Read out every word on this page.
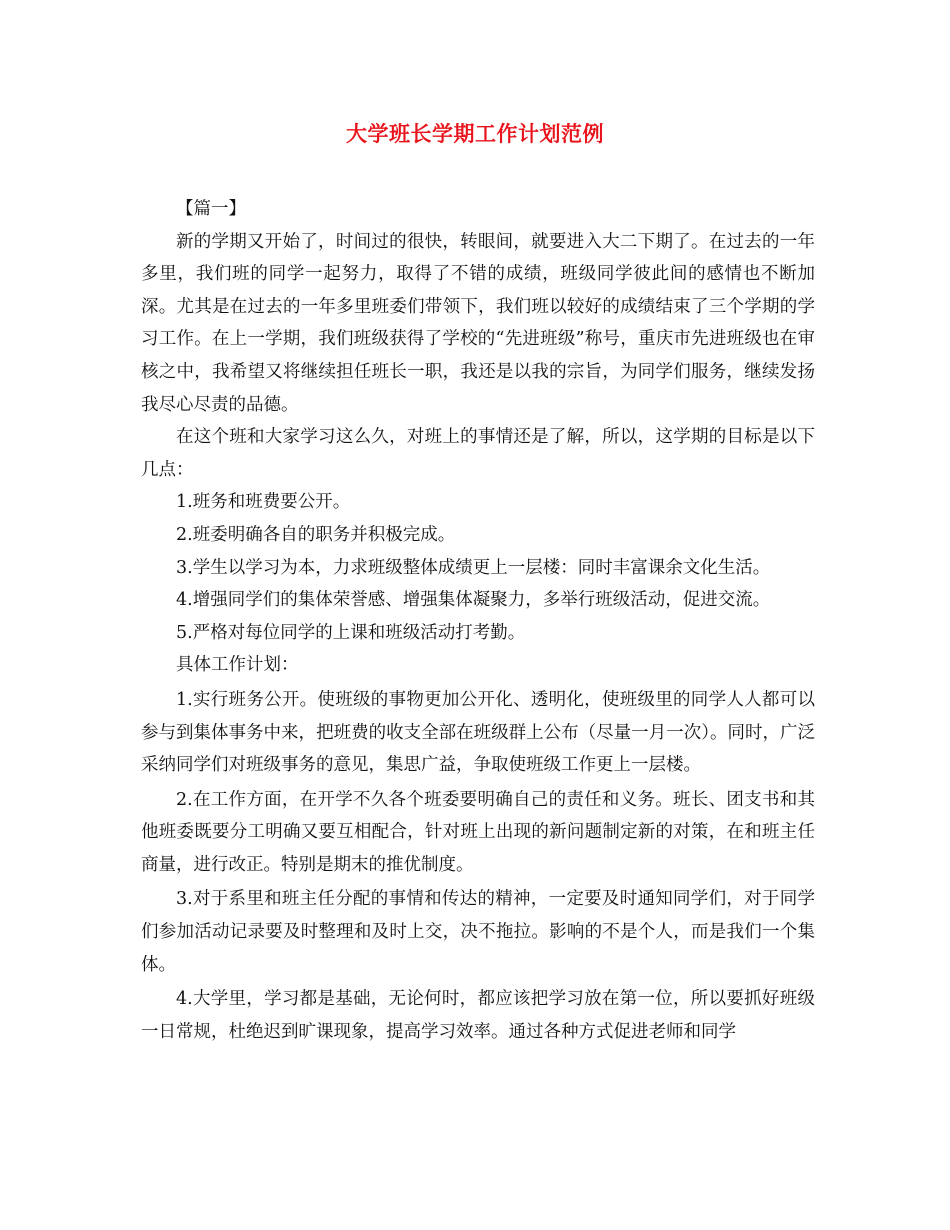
大学班长学期工作计划范例

【篇一】

新的学期又开始了，时间过的很快，转眼间，就要进入大二下期了。在过去的一年多里，我们班的同学一起努力，取得了不错的成绩，班级同学彼此间的感情也不断加深。尤其是在过去的一年多里班委们带领下，我们班以较好的成绩结束了三个学期的学习工作。在上一学期，我们班级获得了学校的“先进班级”称号，重庆市先进班级也在审核之中，我希望又将继续担任班长一职，我还是以我的宗旨，为同学们服务，继续发扬我尽心尽责的品德。

在这个班和大家学习这么久，对班上的事情还是了解，所以，这学期的目标是以下几点：

1.班务和班费要公开。

2.班委明确各自的职务并积极完成。

3.学生以学习为本，力求班级整体成绩更上一层楼：同时丰富课余文化生活。

4.增强同学们的集体荣誉感、增强集体凝聚力，多举行班级活动，促进交流。

5.严格对每位同学的上课和班级活动打考勤。

具体工作计划：

1.实行班务公开。使班级的事物更加公开化、透明化，使班级里的同学人人都可以参与到集体事务中来，把班费的收支全部在班级群上公布（尽量一月一次）。同时，广泛采纳同学们对班级事务的意见，集思广益，争取使班级工作更上一层楼。

2.在工作方面，在开学不久各个班委要明确自己的责任和义务。班长、团支书和其他班委既要分工明确又要互相配合，针对班上出现的新问题制定新的对策，在和班主任商量，进行改正。特别是期末的推优制度。

3.对于系里和班主任分配的事情和传达的精神，一定要及时通知同学们，对于同学们参加活动记录要及时整理和及时上交，决不拖拉。影响的不是个人，而是我们一个集体。

4.大学里，学习都是基础，无论何时，都应该把学习放在第一位，所以要抓好班级一日常规，杜绝迟到旷课现象，提高学习效率。通过各种方式促进老师和同学
